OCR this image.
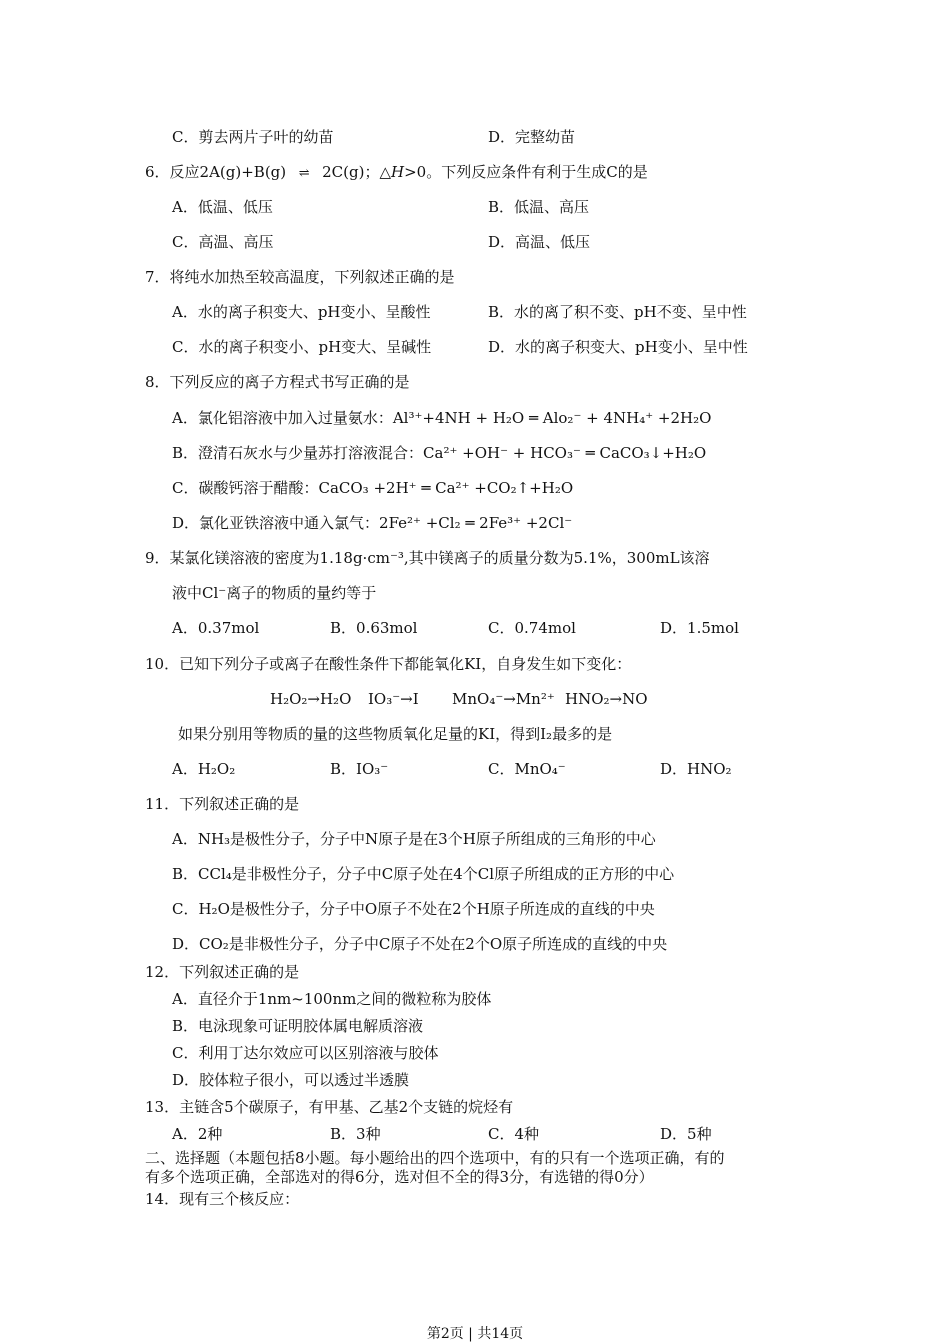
C．剪去两片子叶的幼苗	D．完整幼苗
6．反应2A(g)+B(g) ⇌ 2C(g)；△H>0。下列反应条件有利于生成C的是
A．低温、低压	B．低温、高压
C．高温、高压	D．高温、低压
7．将纯水加热至较高温度，下列叙述正确的是
A．水的离子积变大、pH变小、呈酸性	B．水的离了积不变、pH不变、呈中性
C．水的离子积变小、pH变大、呈碱性	D．水的离子积变大、pH变小、呈中性
8．下列反应的离子方程式书写正确的是
A．氯化铝溶液中加入过量氨水：Al³⁺+4NH + H₂O ═ Alo₂⁻ + 4NH₄⁺ +2H₂O
B．澄清石灰水与少量苏打溶液混合：Ca²⁺ +OH⁻ + HCO₃⁻ ═ CaCO₃↓+H₂O
C．碳酸钙溶于醋酸：CaCO₃ +2H⁺ ═ Ca²⁺ +CO₂↑+H₂O
D．氯化亚铁溶液中通入氯气：2Fe²⁺ +Cl₂ ═ 2Fe³⁺ +2Cl⁻
9．某氯化镁溶液的密度为1.18g·cm⁻³,其中镁离子的质量分数为5.1%，300mL该溶
液中Cl⁻离子的物质的量约等于
A．0.37mol	B．0.63mol	C．0.74mol	D．1.5mol
10．已知下列分子或离子在酸性条件下都能氧化KI，自身发生如下变化：
H₂O₂→H₂O IO₃⁻→I MnO₄⁻→Mn²⁺ HNO₂→NO
如果分别用等物质的量的这些物质氧化足量的KI，得到I₂最多的是
A．H₂O₂	B．IO₃⁻	C．MnO₄⁻	D．HNO₂
11．下列叙述正确的是
A．NH₃是极性分子，分子中N原子是在3个H原子所组成的三角形的中心
B．CCl₄是非极性分子，分子中C原子处在4个Cl原子所组成的正方形的中心
C．H₂O是极性分子，分子中O原子不处在2个H原子所连成的直线的中央
D．CO₂是非极性分子，分子中C原子不处在2个O原子所连成的直线的中央
12．下列叙述正确的是
A．直径介于1nm~100nm之间的微粒称为胶体
B．电泳现象可证明胶体属电解质溶液
C．利用丁达尔效应可以区别溶液与胶体
D．胶体粒子很小，可以透过半透膜
13．主链含5个碳原子，有甲基、乙基2个支链的烷烃有
A．2种	B．3种	C．4种	D．5种
二、选择题（本题包括8小题。每小题给出的四个选项中，有的只有一个选项正确，有的
有多个选项正确，全部选对的得6分，选对但不全的得3分，有选错的得0分）
14．现有三个核反应：
第2页 | 共14页
